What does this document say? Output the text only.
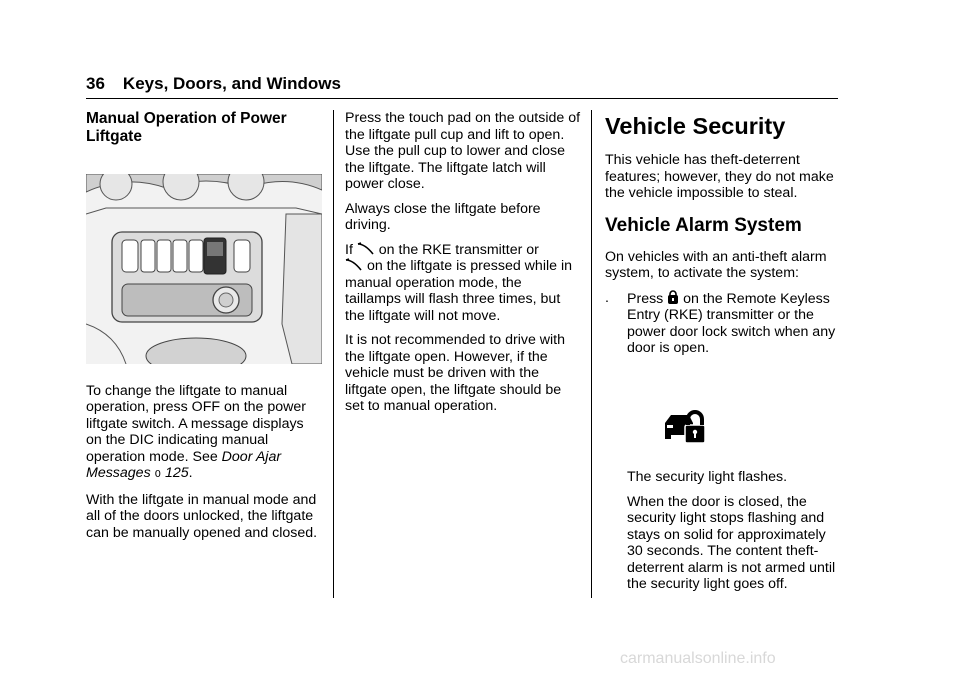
36 Keys, Doors, and Windows
Manual Operation of Power Liftgate

To change the liftgate to manual operation, press OFF on the power liftgate switch. A message displays on the DIC indicating manual operation mode. See Door Ajar Messages 0 125.

With the liftgate in manual mode and all of the doors unlocked, the liftgate can be manually opened and closed.

Press the touch pad on the outside of the liftgate pull cup and lift to open. Use the pull cup to lower and close the liftgate. The liftgate latch will power close.

Always close the liftgate before driving.

If on the RKE transmitter or
on the liftgate is pressed while in manual operation mode, the taillamps will flash three times, but the liftgate will not move.

It is not recommended to drive with the liftgate open. However, if the vehicle must be driven with the liftgate open, the liftgate should be set to manual operation.

Vehicle Security

This vehicle has theft-deterrent features; however, they do not make the vehicle impossible to steal.

Vehicle Alarm System

On vehicles with an anti-theft alarm system, to activate the system:

. Press on the Remote Keyless Entry (RKE) transmitter or the power door lock switch when any door is open.

The security light flashes.

When the door is closed, the security light stops flashing and stays on solid for approximately 30 seconds. The content theft-deterrent alarm is not armed until the security light goes off.

carmanualsonline.info
